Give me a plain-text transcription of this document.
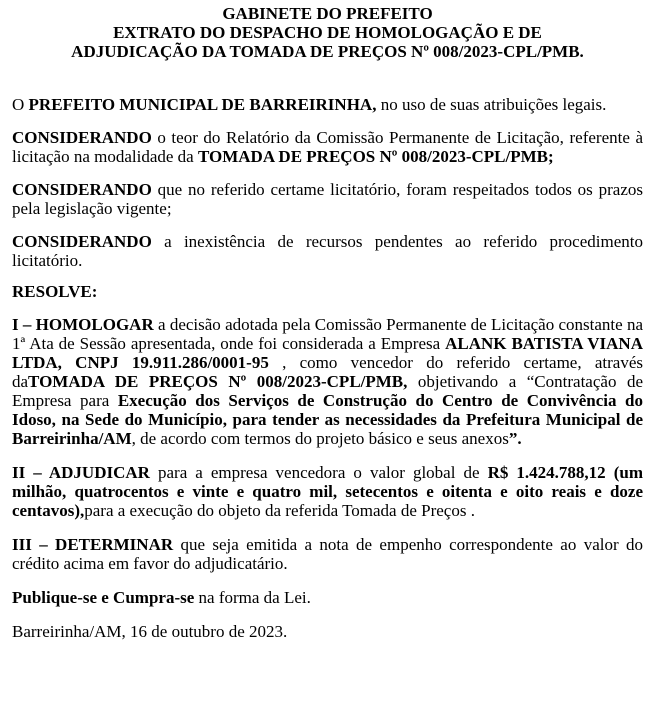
GABINETE DO PREFEITO
EXTRATO DO DESPACHO DE HOMOLOGAÇÃO E DE
ADJUDICAÇÃO DA TOMADA DE PREÇOS Nº 008/2023-CPL/PMB.

O PREFEITO MUNICIPAL DE BARREIRINHA, no uso de suas atribuições legais.

CONSIDERANDO o teor do Relatório da Comissão Permanente de Licitação, referente à licitação na modalidade da TOMADA DE PREÇOS Nº 008/2023-CPL/PMB;

CONSIDERANDO que no referido certame licitatório, foram respeitados todos os prazos pela legislação vigente;

CONSIDERANDO a inexistência de recursos pendentes ao referido procedimento licitatório.

RESOLVE:

I – HOMOLOGAR a decisão adotada pela Comissão Permanente de Licitação constante na 1ª Ata de Sessão apresentada, onde foi considerada a Empresa ALANK BATISTA VIANA LTDA, CNPJ 19.911.286/0001-95 , como vencedor do referido certame, através daTOMADA DE PREÇOS Nº 008/2023-CPL/PMB, objetivando a “Contratação de Empresa para Execução dos Serviços de Construção do Centro de Convivência do Idoso, na Sede do Município, para tender as necessidades da Prefeitura Municipal de Barreirinha/AM, de acordo com termos do projeto básico e seus anexos”.

II – ADJUDICAR para a empresa vencedora o valor global de R$ 1.424.788,12 (um milhão, quatrocentos e vinte e quatro mil, setecentos e oitenta e oito reais e doze centavos),para a execução do objeto da referida Tomada de Preços .

III – DETERMINAR que seja emitida a nota de empenho correspondente ao valor do crédito acima em favor do adjudicatário.

Publique-se e Cumpra-se na forma da Lei.

Barreirinha/AM, 16 de outubro de 2023.
